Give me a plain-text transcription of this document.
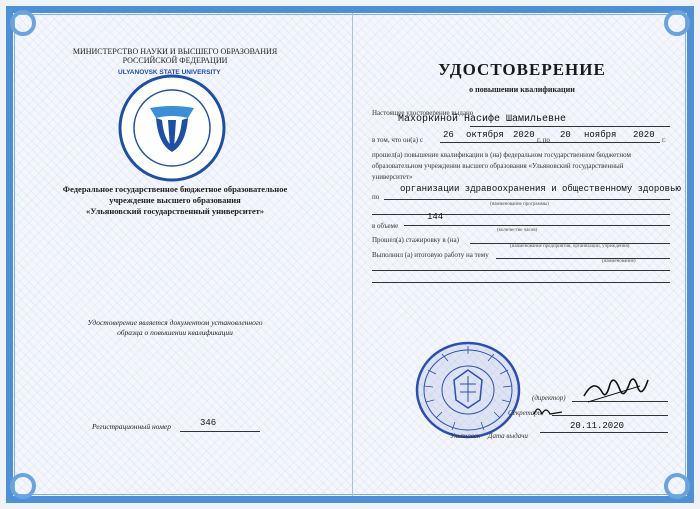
МИНИСТЕРСТВО НАУКИ И ВЫСШЕГО ОБРАЗОВАНИЯ
РОССИЙСКОЙ ФЕДЕРАЦИИ
ULYANOVSK STATE UNIVERSITY
Федеральное государственное бюджетное образовательное
учреждение высшего образования
«Ульяновский государственный университет»
Удостоверение является документом установленного
образца о повышении квалификации
Регистрационный номер	346
УДОСТОВЕРЕНИЕ
о повышении квалификации
Настоящее удостоверение выдано
Махоркиной Насифе Шамильевне
в том, что он(а) с 26 октября 2020 г. по 20 ноября 2020 г.
прошел(а) повышение квалификации в (на) федеральном государственном бюджетном
образовательном учреждении высшего образования «Ульяновский государственный
университет»
по
организации здравоохранения и общественному здоровью
(наименование программы)
в объеме
144
(количество часов)
Прошел(а) стажировку в (на)
(наименование предприятия, организации, учреждения)
Выполнил (а) итоговую работу на тему
(наименование)
(директор)
Секретарь
Ульяновск Дата выдачи
20.11.2020
